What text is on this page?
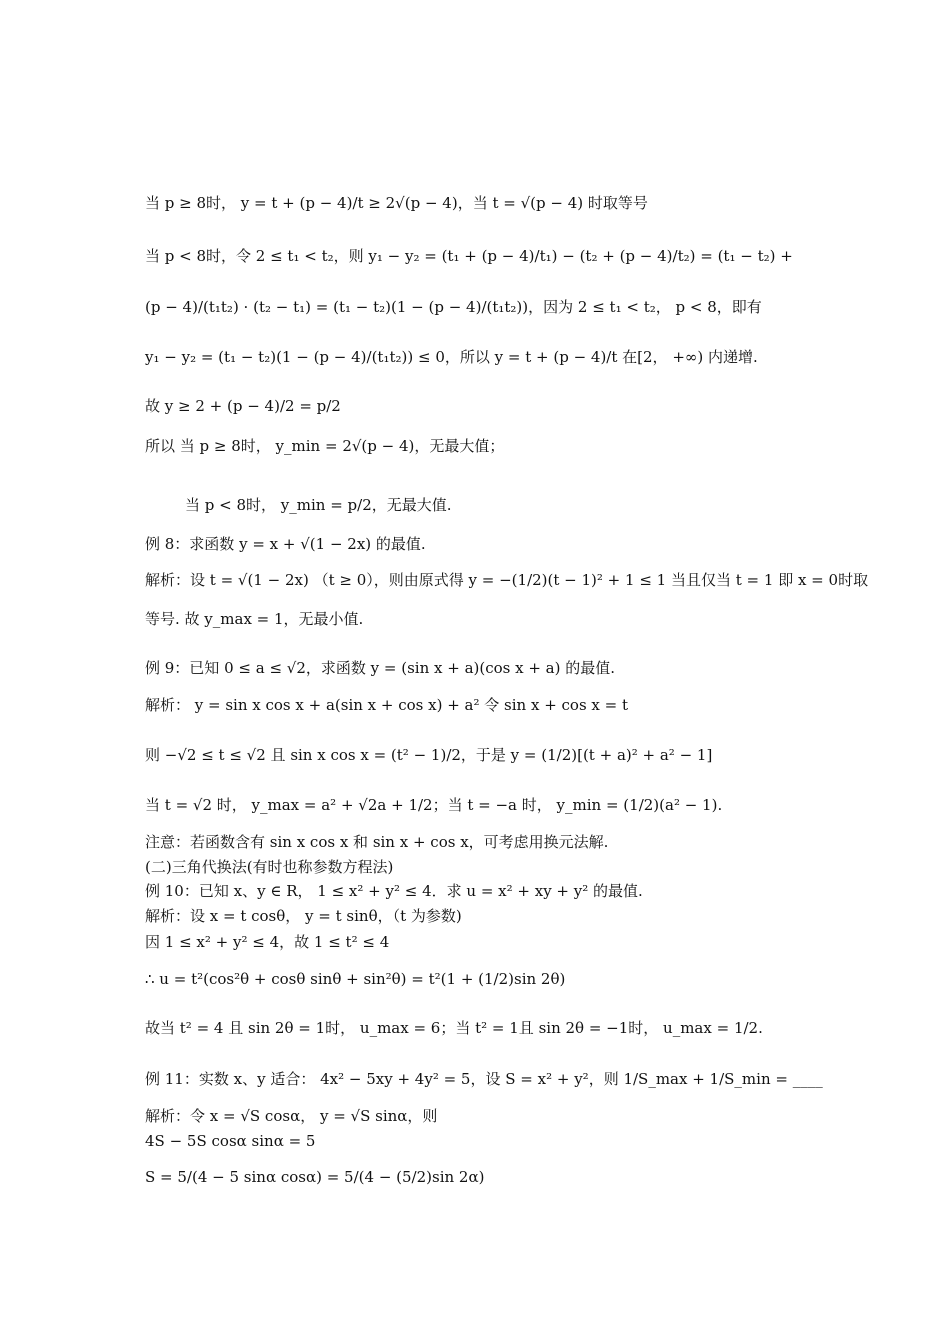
当 p ≥ 8时， y = t + (p − 4)/t ≥ 2√(p − 4)，当 t = √(p − 4) 时取等号
当 p < 8时，令 2 ≤ t₁ < t₂，则 y₁ − y₂ = (t₁ + (p − 4)/t₁) − (t₂ + (p − 4)/t₂) = (t₁ − t₂) +
(p − 4)/(t₁t₂) · (t₂ − t₁) = (t₁ − t₂)(1 − (p − 4)/(t₁t₂))，因为 2 ≤ t₁ < t₂， p < 8，即有
y₁ − y₂ = (t₁ − t₂)(1 − (p − 4)/(t₁t₂)) ≤ 0，所以 y = t + (p − 4)/t 在[2， +∞) 内递增.
故 y ≥ 2 + (p − 4)/2 = p/2
所以 当 p ≥ 8时， y_min = 2√(p − 4)，无最大值；
当 p < 8时， y_min = p/2，无最大值.
例 8：求函数 y = x + √(1 − 2x) 的最值.
解析：设 t = √(1 − 2x) （t ≥ 0），则由原式得 y = −(1/2)(t − 1)² + 1 ≤ 1 当且仅当 t = 1 即 x = 0时取
等号. 故 y_max = 1，无最小值.
例 9：已知 0 ≤ a ≤ √2，求函数 y = (sin x + a)(cos x + a) 的最值.
解析： y = sin x cos x + a(sin x + cos x) + a² 令 sin x + cos x = t
则 −√2 ≤ t ≤ √2 且 sin x cos x = (t² − 1)/2，于是 y = (1/2)[(t + a)² + a² − 1]
当 t = √2 时， y_max = a² + √2a + 1/2；当 t = −a 时， y_min = (1/2)(a² − 1).
注意：若函数含有 sin x cos x 和 sin x + cos x，可考虑用换元法解.
(二)三角代换法(有时也称参数方程法)
例 10：已知 x、y ∈ R， 1 ≤ x² + y² ≤ 4．求 u = x² + xy + y² 的最值.
解析：设 x = t cosθ， y = t sinθ，（t 为参数)
因 1 ≤ x² + y² ≤ 4，故 1 ≤ t² ≤ 4
∴ u = t²(cos²θ + cosθ sinθ + sin²θ) = t²(1 + (1/2)sin 2θ)
故当 t² = 4 且 sin 2θ = 1时， u_max = 6；当 t² = 1且 sin 2θ = −1时， u_max = 1/2.
例 11：实数 x、y 适合： 4x² − 5xy + 4y² = 5，设 S = x² + y²，则 1/S_max + 1/S_min = ____
解析：令 x = √S cosα， y = √S sinα，则
4S − 5S cosα sinα = 5
S = 5/(4 − 5 sinα cosα) = 5/(4 − (5/2)sin 2α)
